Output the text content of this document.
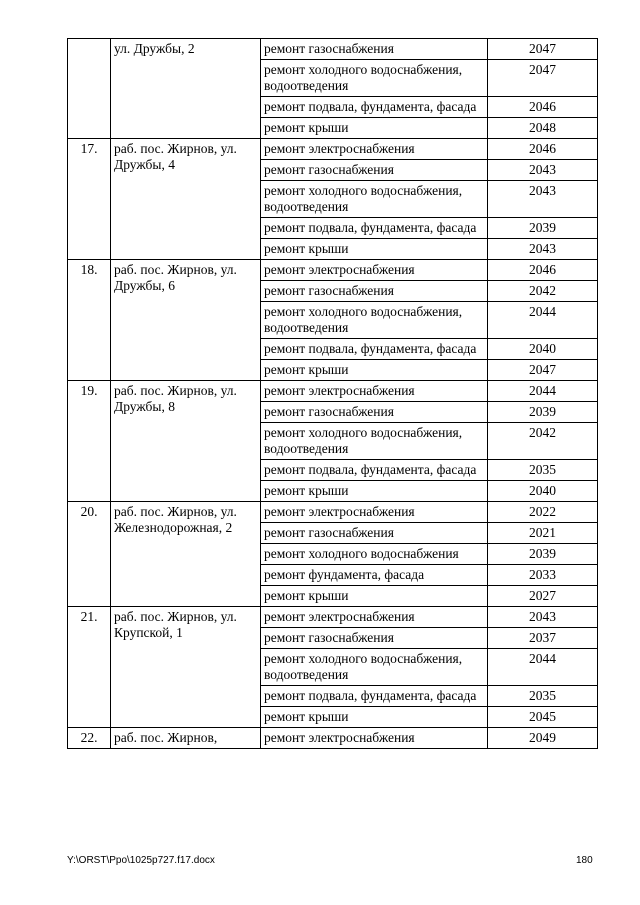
	ул. Дружбы, 2	ремонт газоснабжения	2047
		ремонт холодного водоснабжения, водоотведения	2047
		ремонт подвала, фундамента, фасада	2046
		ремонт крыши	2048
17.	раб. пос. Жирнов, ул. Дружбы, 4	ремонт электроснабжения	2046
		ремонт газоснабжения	2043
		ремонт холодного водоснабжения, водоотведения	2043
		ремонт подвала, фундамента, фасада	2039
		ремонт крыши	2043
18.	раб. пос. Жирнов, ул. Дружбы, 6	ремонт электроснабжения	2046
		ремонт газоснабжения	2042
		ремонт холодного водоснабжения, водоотведения	2044
		ремонт подвала, фундамента, фасада	2040
		ремонт крыши	2047
19.	раб. пос. Жирнов, ул. Дружбы, 8	ремонт электроснабжения	2044
		ремонт газоснабжения	2039
		ремонт холодного водоснабжения, водоотведения	2042
		ремонт подвала, фундамента, фасада	2035
		ремонт крыши	2040
20.	раб. пос. Жирнов, ул. Железнодорожная, 2	ремонт электроснабжения	2022
		ремонт газоснабжения	2021
		ремонт холодного водоснабжения	2039
		ремонт фундамента, фасада	2033
		ремонт крыши	2027
21.	раб. пос. Жирнов, ул. Крупской, 1	ремонт электроснабжения	2043
		ремонт газоснабжения	2037
		ремонт холодного водоснабжения, водоотведения	2044
		ремонт подвала, фундамента, фасада	2035
		ремонт крыши	2045
22.	раб. пос. Жирнов,	ремонт электроснабжения	2049
Y:\ORST\Ppo\1025p727.f17.docx	180
